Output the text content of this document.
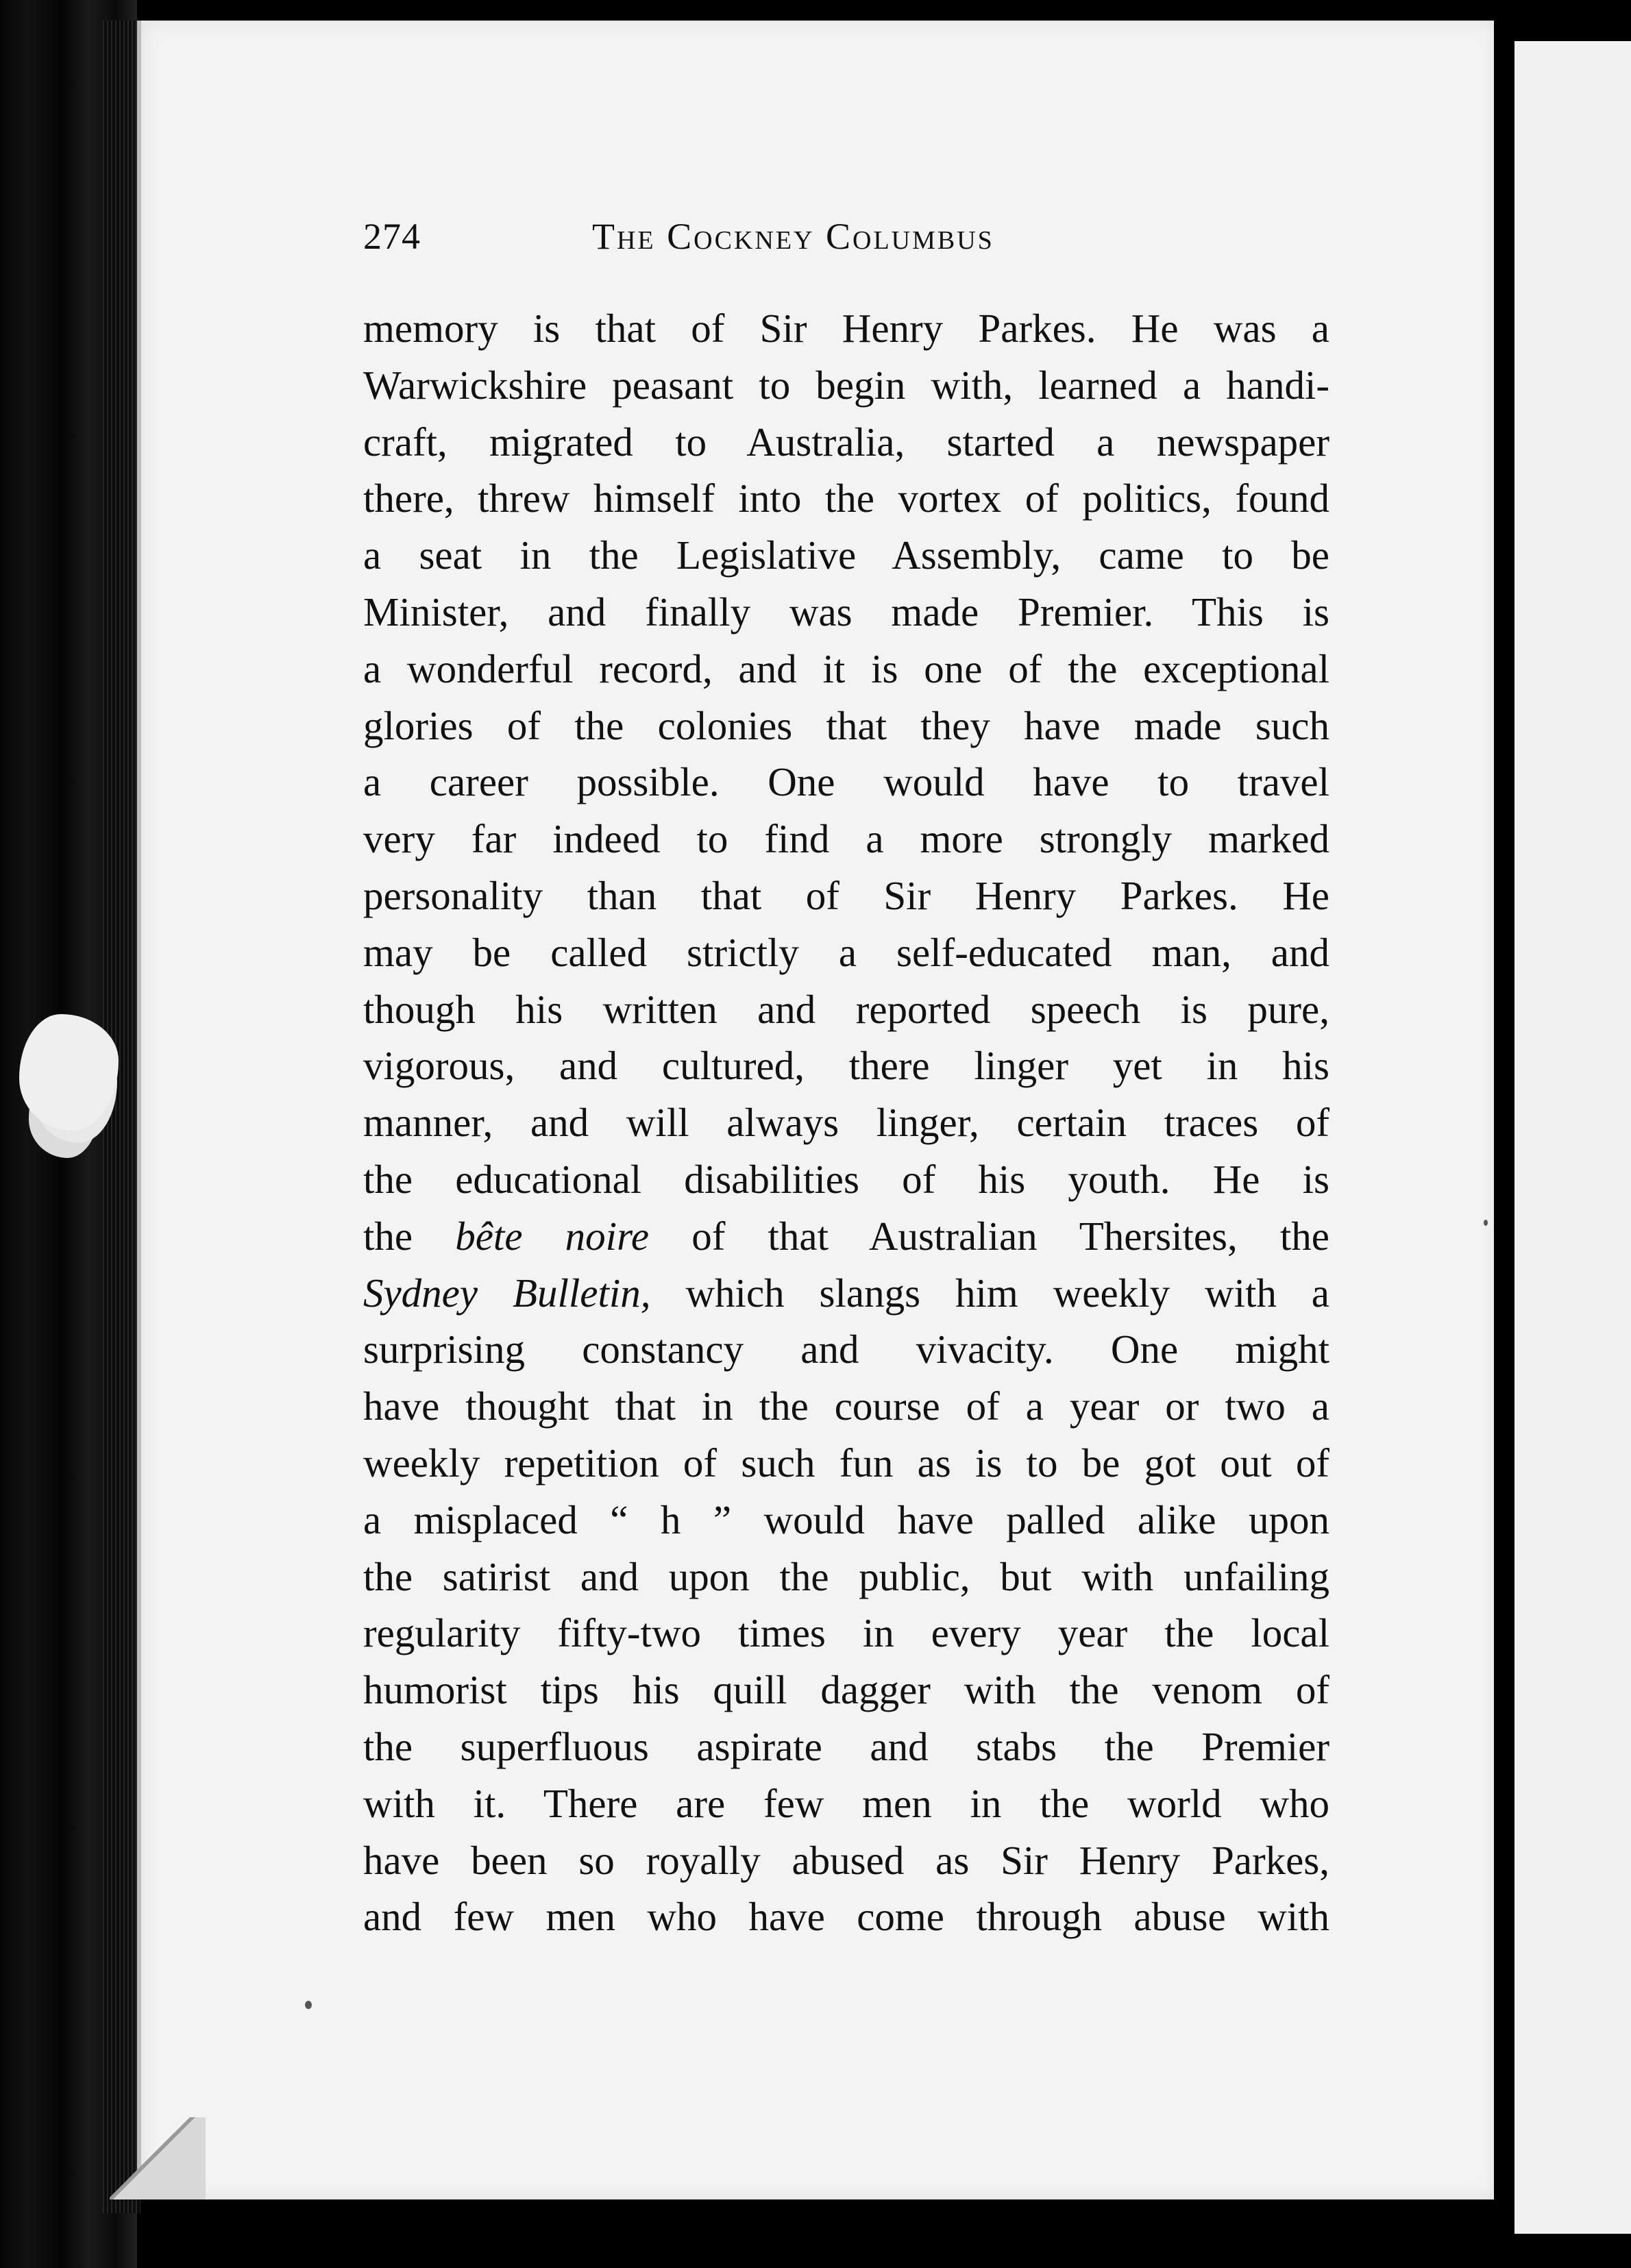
274	The Cockney Columbus
memory is that of Sir Henry Parkes. He was a
Warwickshire peasant to begin with, learned a handi-
craft, migrated to Australia, started a newspaper
there, threw himself into the vortex of politics, found
a seat in the Legislative Assembly, came to be
Minister, and finally was made Premier. This is
a wonderful record, and it is one of the exceptional
glories of the colonies that they have made such
a career possible. One would have to travel
very far indeed to find a more strongly marked
personality than that of Sir Henry Parkes. He
may be called strictly a self-educated man, and
though his written and reported speech is pure,
vigorous, and cultured, there linger yet in his
manner, and will always linger, certain traces of
the educational disabilities of his youth. He is
the bête noire of that Australian Thersites, the
Sydney Bulletin, which slangs him weekly with a
surprising constancy and vivacity. One might
have thought that in the course of a year or two a
weekly repetition of such fun as is to be got out of
a misplaced “ h ” would have palled alike upon
the satirist and upon the public, but with unfailing
regularity fifty-two times in every year the local
humorist tips his quill dagger with the venom of
the superfluous aspirate and stabs the Premier
with it. There are few men in the world who
have been so royally abused as Sir Henry Parkes,
and few men who have come through abuse with
